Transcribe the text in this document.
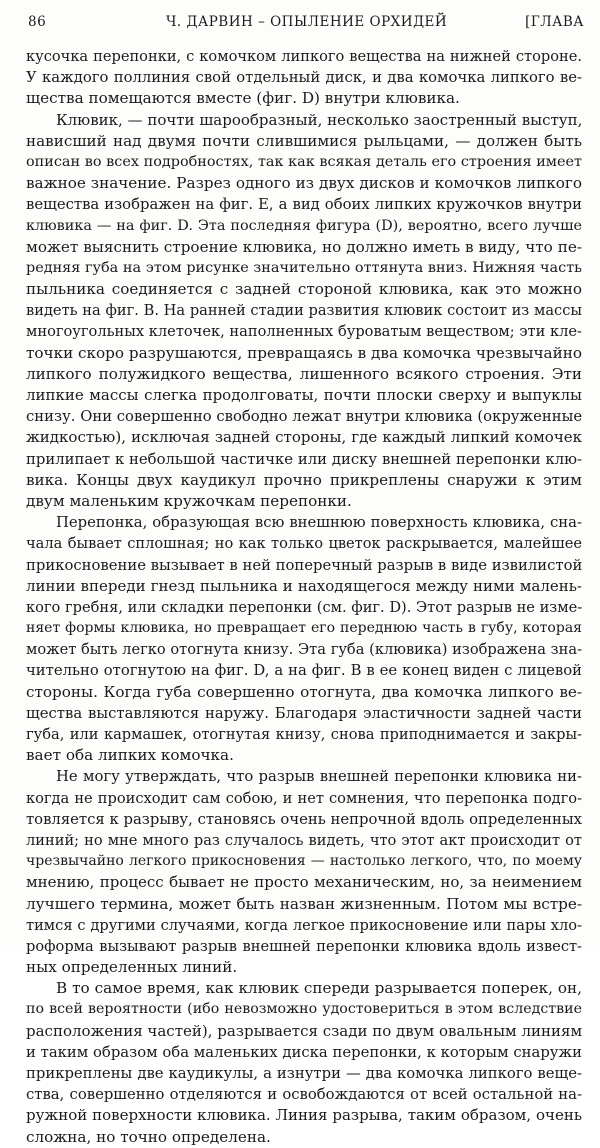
86	Ч. ДАРВИН – ОПЫЛЕНИЕ ОРХИДЕЙ	[ГЛАВА
кусочка перепонки, с комочком липкого вещества на нижней стороне.
У каждого поллиния свой отдельный диск, и два комочка липкого ве-
щества помещаются вместе (фиг. D) внутри клювика.
Клювик, — почти шарообразный, несколько заостренный выступ,
нависший над двумя почти слившимися рыльцами, — должен быть
описан во всех подробностях, так как всякая деталь его строения имеет
важное значение. Разрез одного из двух дисков и комочков липкого
вещества изображен на фиг. E, а вид обоих липких кружочков внутри
клювика — на фиг. D. Эта последняя фигура (D), вероятно, всего лучше
может выяснить строение клювика, но должно иметь в виду, что пе-
редняя губа на этом рисунке значительно оттянута вниз. Нижняя часть
пыльника соединяется с задней стороной клювика, как это можно
видеть на фиг. B. На ранней стадии развития клювик состоит из массы
многоугольных клеточек, наполненных буроватым веществом; эти кле-
точки скоро разрушаются, превращаясь в два комочка чрезвычайно
липкого полужидкого вещества, лишенного всякого строения. Эти
липкие массы слегка продолговаты, почти плоски сверху и выпуклы
снизу. Они совершенно свободно лежат внутри клювика (окруженные
жидкостью), исключая задней стороны, где каждый липкий комочек
прилипает к небольшой частичке или диску внешней перепонки клю-
вика. Концы двух каудикул прочно прикреплены снаружи к этим
двум маленьким кружочкам перепонки.
Перепонка, образующая всю внешнюю поверхность клювика, сна-
чала бывает сплошная; но как только цветок раскрывается, малейшее
прикосновение вызывает в ней поперечный разрыв в виде извилистой
линии впереди гнезд пыльника и находящегося между ними малень-
кого гребня, или складки перепонки (см. фиг. D). Этот разрыв не изме-
няет формы клювика, но превращает его переднюю часть в губу, которая
может быть легко отогнута книзу. Эта губа (клювика) изображена зна-
чительно отогнутою на фиг. D, а на фиг. B в ее конец виден с лицевой
стороны. Когда губа совершенно отогнута, два комочка липкого ве-
щества выставляются наружу. Благодаря эластичности задней части
губа, или кармашек, отогнутая книзу, снова приподнимается и закры-
вает оба липких комочка.
Не могу утверждать, что разрыв внешней перепонки клювика ни-
когда не происходит сам собою, и нет сомнения, что перепонка подго-
товляется к разрыву, становясь очень непрочной вдоль определенных
линий; но мне много раз случалось видеть, что этот акт происходит от
чрезвычайно легкого прикосновения — настолько легкого, что, по моему
мнению, процесс бывает не просто механическим, но, за неимением
лучшего термина, может быть назван жизненным. Потом мы встре-
тимся с другими случаями, когда легкое прикосновение или пары хло-
роформа вызывают разрыв внешней перепонки клювика вдоль извест-
ных определенных линий.
В то самое время, как клювик спереди разрывается поперек, он,
по всей вероятности (ибо невозможно удостовериться в этом вследствие
расположения частей), разрывается сзади по двум овальным линиям
и таким образом оба маленьких диска перепонки, к которым снаружи
прикреплены две каудикулы, а изнутри — два комочка липкого веще-
ства, совершенно отделяются и освобождаются от всей остальной на-
ружной поверхности клювика. Линия разрыва, таким образом, очень
сложна, но точно определена.
